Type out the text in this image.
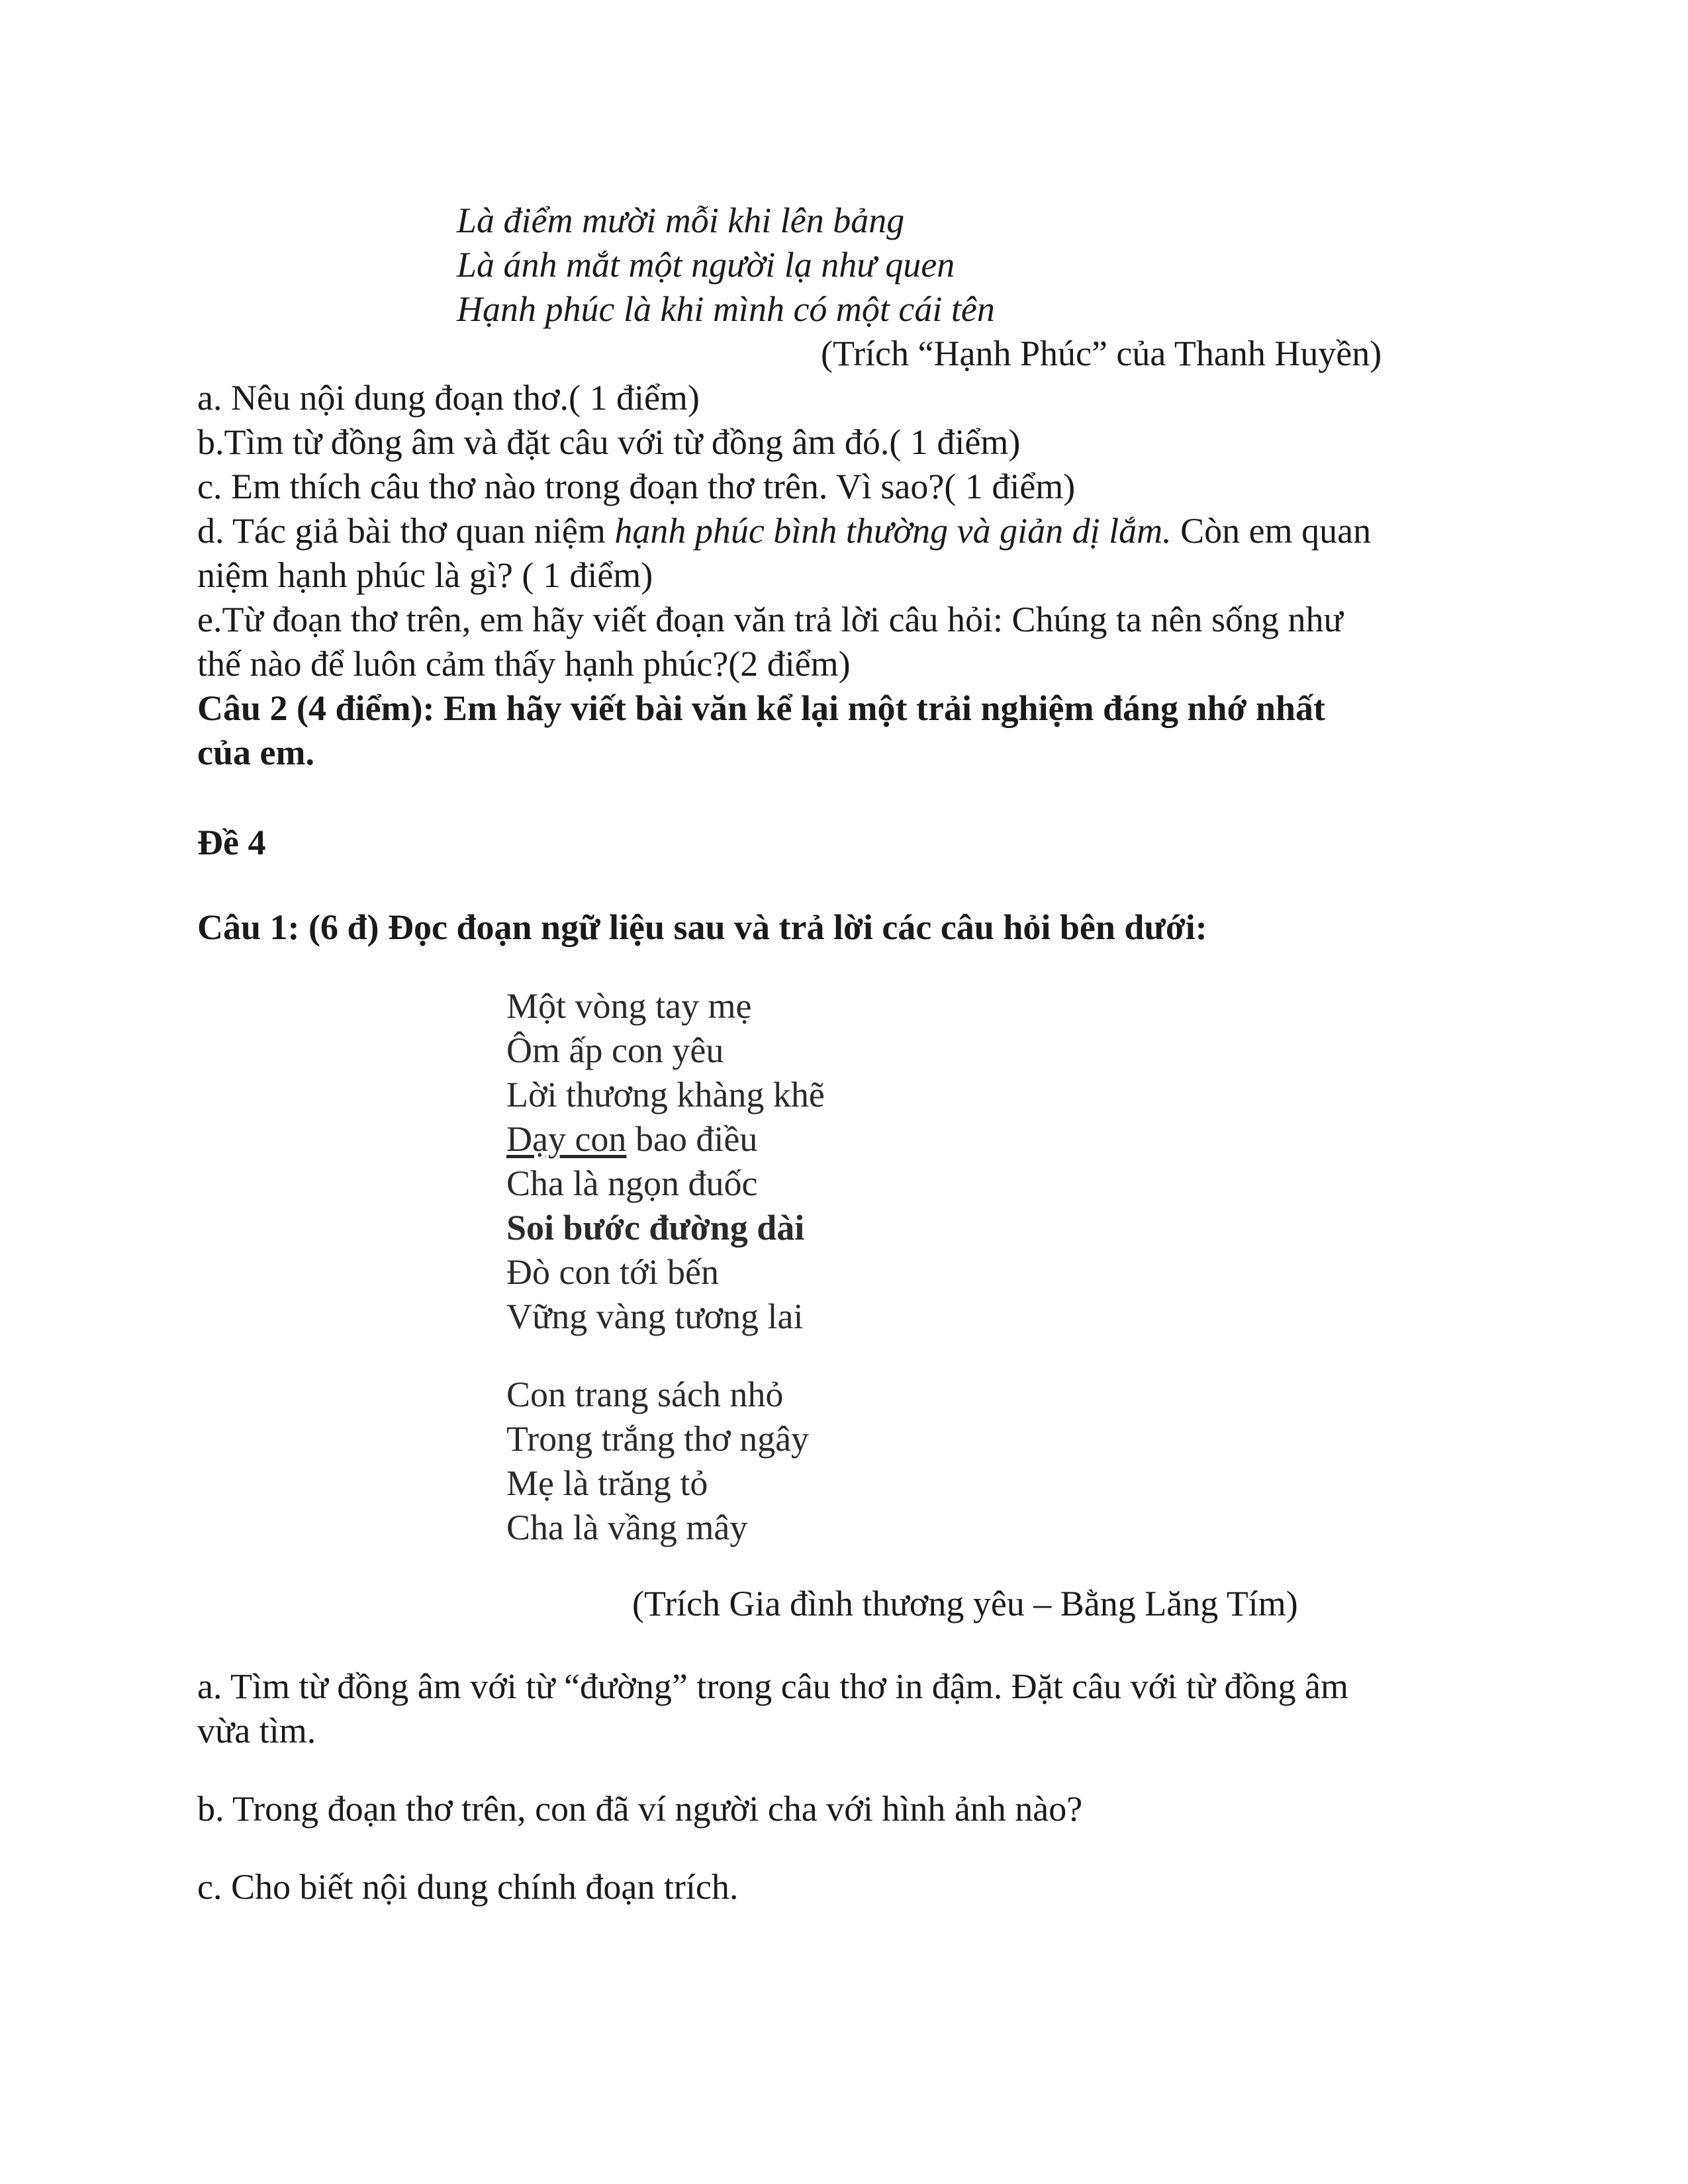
Là điểm mười mỗi khi lên bảng
Là ánh mắt một người lạ như quen
Hạnh phúc là khi mình có một cái tên
(Trích “Hạnh Phúc” của Thanh Huyền)
a. Nêu nội dung đoạn thơ.( 1 điểm)
b.Tìm từ đồng âm và đặt câu với từ đồng âm đó.( 1 điểm)
c. Em thích câu thơ nào trong đoạn thơ trên. Vì sao?( 1 điểm)
d. Tác giả bài thơ quan niệm hạnh phúc bình thường và giản dị lắm. Còn em quan
niệm hạnh phúc là gì? ( 1 điểm)
e.Từ đoạn thơ trên, em hãy viết đoạn văn trả lời câu hỏi: Chúng ta nên sống như
thế nào để luôn cảm thấy hạnh phúc?(2 điểm)
Câu 2 (4 điểm): Em hãy viết bài văn kể lại một trải nghiệm đáng nhớ nhất
của em.
Đề 4
Câu 1: (6 đ) Đọc đoạn ngữ liệu sau và trả lời các câu hỏi bên dưới:
Một vòng tay mẹ
Ôm ấp con yêu
Lời thương khàng khẽ
Dạy con bao điều
Cha là ngọn đuốc
Soi bước đường dài
Đò con tới bến
Vững vàng tương lai
Con trang sách nhỏ
Trong trắng thơ ngây
Mẹ là trăng tỏ
Cha là vầng mây
(Trích Gia đình thương yêu – Bằng Lăng Tím)
a. Tìm từ đồng âm với từ “đường” trong câu thơ in đậm. Đặt câu với từ đồng âm
vừa tìm.
b. Trong đoạn thơ trên, con đã ví người cha với hình ảnh nào?
c. Cho biết nội dung chính đoạn trích.
